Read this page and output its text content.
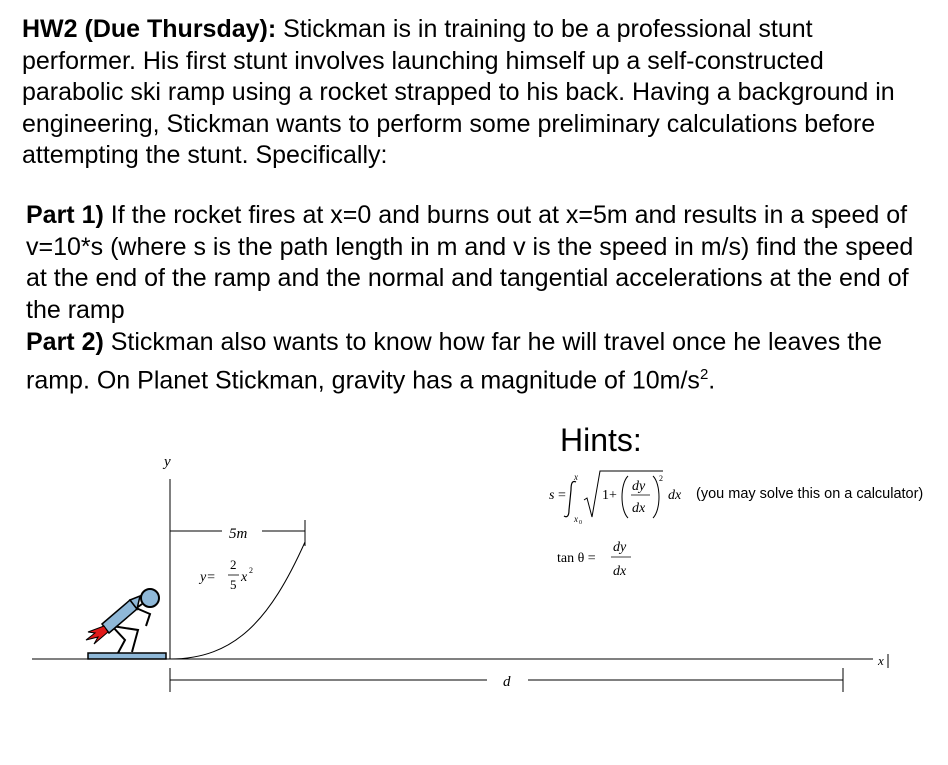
HW2 (Due Thursday): Stickman is in training to be a professional stunt performer. His first stunt involves launching himself up a self-constructed parabolic ski ramp using a rocket strapped to his back. Having a background in engineering, Stickman wants to perform some preliminary calculations before attempting the stunt. Specifically:

Part 1) If the rocket fires at x=0 and burns out at x=5m and results in a speed of v=10*s (where s is the path length in m and v is the speed in m/s) find the speed at the end of the ramp and the normal and tangential accelerations at the end of the ramp

Part 2) Stickman also wants to know how far he will travel once he leaves the ramp. On Planet Stickman, gravity has a magnitude of $10m/s^2$.

Hints:
(you may solve this on a calculator)
y
x
5m
y=
2
5 x 2
d
s =
x
x 0
1+
dy
dx
2
dx
tan θ =
dy
dx
